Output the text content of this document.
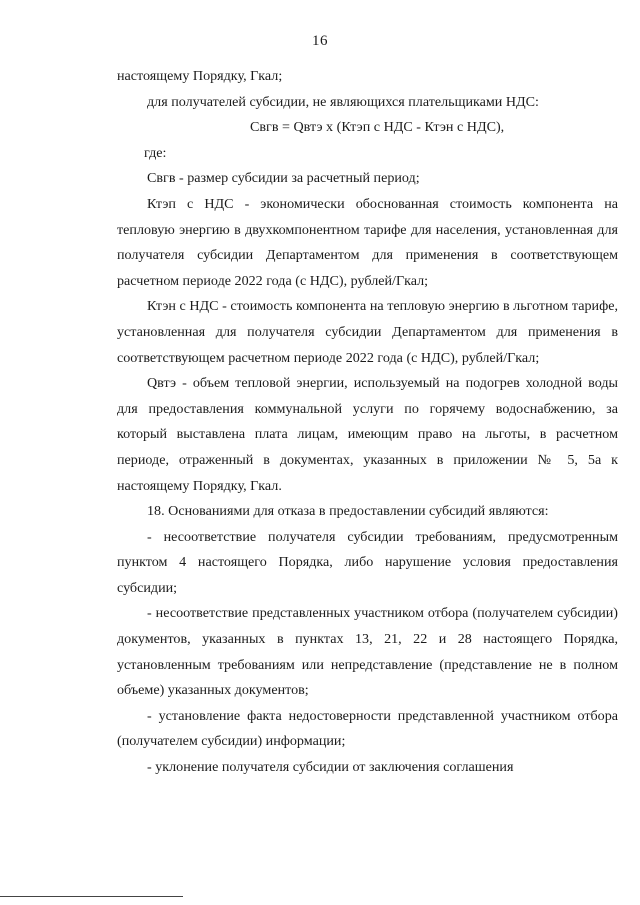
16

настоящему Порядку, Гкал;

для получателей субсидии, не являющихся плательщиками НДС:

Свгв = Qвтэ х (Ктэп с НДС - Ктэн с НДС),

где:

Свгв - размер субсидии за расчетный период;

Ктэп с НДС - экономически обоснованная стоимость компонента на тепловую энергию в двухкомпонентном тарифе для населения, установленная для получателя субсидии Департаментом для применения в соответствующем расчетном периоде 2022 года (с НДС), рублей/Гкал;

Ктэн с НДС - стоимость компонента на тепловую энергию в льготном тарифе, установленная для получателя субсидии Департаментом для применения в соответствующем расчетном периоде 2022 года (с НДС), рублей/Гкал;

Qвтэ - объем тепловой энергии, используемый на подогрев холодной воды для предоставления коммунальной услуги по горячему водоснабжению, за который выставлена плата лицам, имеющим право на льготы, в расчетном периоде, отраженный в документах, указанных в приложении № 5, 5а к настоящему Порядку, Гкал.

18. Основаниями для отказа в предоставлении субсидий являются:

- несоответствие получателя субсидии требованиям, предусмотренным пунктом 4 настоящего Порядка, либо нарушение условия предоставления субсидии;

- несоответствие представленных участником отбора (получателем субсидии) документов, указанных в пунктах 13, 21, 22 и 28 настоящего Порядка, установленным требованиям или непредставление (представление не в полном объеме) указанных документов;

- установление факта недостоверности представленной участником отбора (получателем субсидии) информации;

- уклонение получателя субсидии от заключения соглашения
